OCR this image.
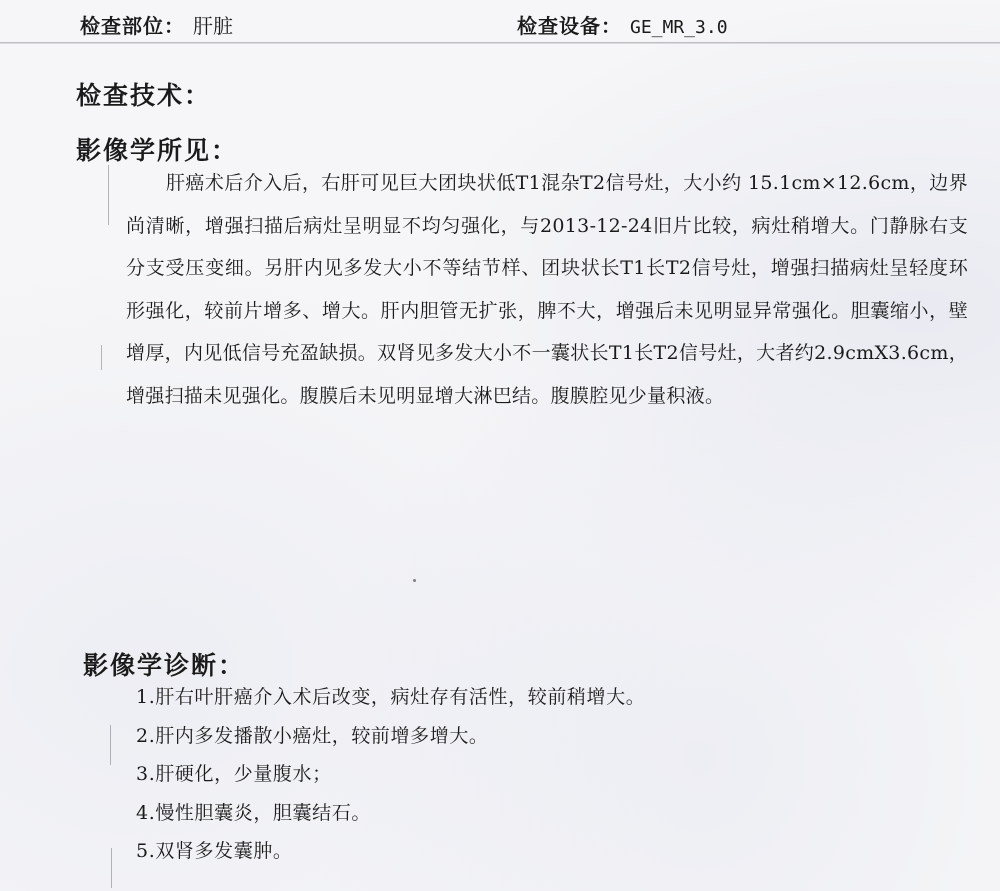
检查部位： 肝脏	检查设备： GE_MR_3.0
检查技术：
影像学所见：
肝癌术后介入后，右肝可见巨大团块状低T1混杂T2信号灶，大小约 15.1cm×12.6cm，边界尚清晰，增强扫描后病灶呈明显不均匀强化，与2013-12-24旧片比较，病灶稍增大。门静脉右支分支受压变细。另肝内见多发大小不等结节样、团块状长T1长T2信号灶，增强扫描病灶呈轻度环形强化，较前片增多、增大。肝内胆管无扩张，脾不大，增强后未见明显异常强化。胆囊缩小，壁增厚，内见低信号充盈缺损。双肾见多发大小不一囊状长T1长T2信号灶，大者约2.9cmX3.6cm，增强扫描未见强化。腹膜后未见明显增大淋巴结。腹膜腔见少量积液。
影像学诊断：
1.肝右叶肝癌介入术后改变，病灶存有活性，较前稍增大。
2.肝内多发播散小癌灶，较前增多增大。
3.肝硬化，少量腹水；
4.慢性胆囊炎，胆囊结石。
5.双肾多发囊肿。
